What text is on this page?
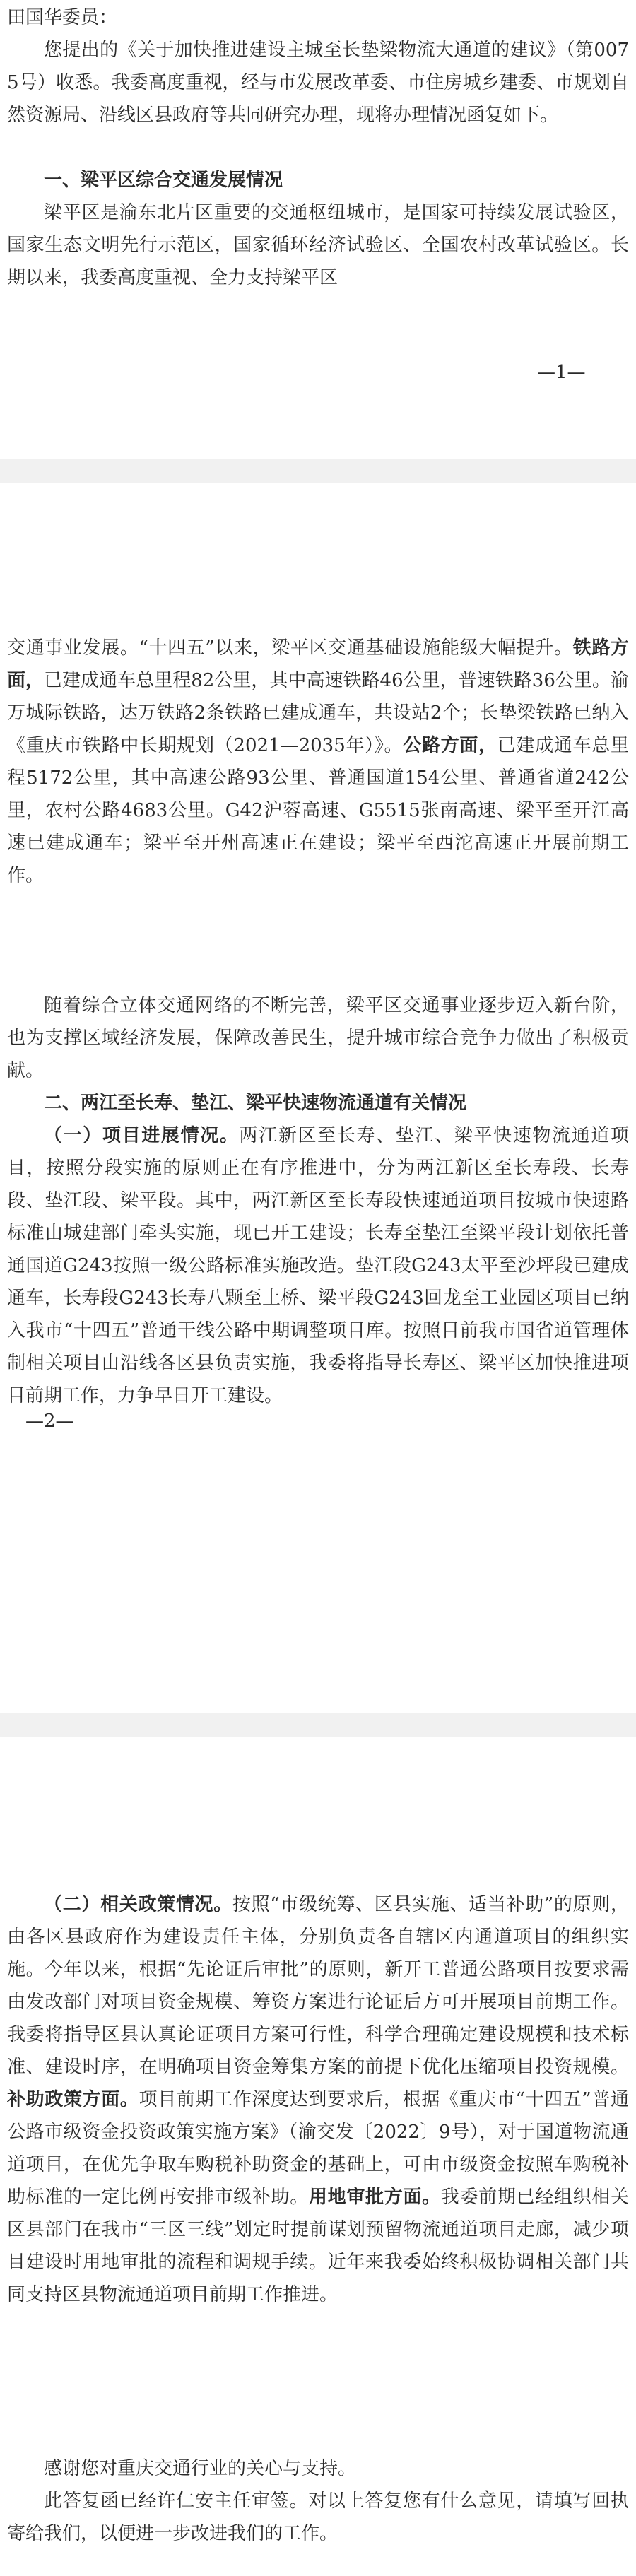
田国华委员：

您提出的《关于加快推进建设主城至长垫梁物流大通道的建议》（第0075号）收悉。我委高度重视，经与市发展改革委、市住房城乡建委、市规划自然资源局、沿线区县政府等共同研究办理，现将办理情况函复如下。

一、梁平区综合交通发展情况

梁平区是渝东北片区重要的交通枢纽城市，是国家可持续发展试验区，国家生态文明先行示范区，国家循环经济试验区、全国农村改革试验区。长期以来，我委高度重视、全力支持梁平区

—1—

交通事业发展。“十四五”以来，梁平区交通基础设施能级大幅提升。铁路方面，已建成通车总里程82公里，其中高速铁路46公里，普速铁路36公里。渝万城际铁路，达万铁路2条铁路已建成通车，共设站2个；长垫梁铁路已纳入《重庆市铁路中长期规划（2021—2035年）》。公路方面，已建成通车总里程5172公里，其中高速公路93公里、普通国道154公里、普通省道242公里，农村公路4683公里。G42沪蓉高速、G5515张南高速、梁平至开江高速已建成通车；梁平至开州高速正在建设；梁平至西沱高速正开展前期工作。

随着综合立体交通网络的不断完善，梁平区交通事业逐步迈入新台阶，也为支撑区域经济发展，保障改善民生，提升城市综合竞争力做出了积极贡献。

二、两江至长寿、垫江、梁平快速物流通道有关情况

（一）项目进展情况。两江新区至长寿、垫江、梁平快速物流通道项目，按照分段实施的原则正在有序推进中，分为两江新区至长寿段、长寿段、垫江段、梁平段。其中，两江新区至长寿段快速通道项目按城市快速路标准由城建部门牵头实施，现已开工建设；长寿至垫江至梁平段计划依托普通国道G243按照一级公路标准实施改造。垫江段G243太平至沙坪段已建成通车，长寿段G243长寿八颗至土桥、梁平段G243回龙至工业园区项目已纳入我市“十四五”普通干线公路中期调整项目库。按照目前我市国省道管理体制相关项目由沿线各区县负责实施，我委将指导长寿区、梁平区加快推进项目前期工作，力争早日开工建设。

—2—

（二）相关政策情况。按照“市级统筹、区县实施、适当补助”的原则，由各区县政府作为建设责任主体，分别负责各自辖区内通道项目的组织实施。今年以来，根据“先论证后审批”的原则，新开工普通公路项目按要求需由发改部门对项目资金规模、筹资方案进行论证后方可开展项目前期工作。我委将指导区县认真论证项目方案可行性，科学合理确定建设规模和技术标准、建设时序，在明确项目资金筹集方案的前提下优化压缩项目投资规模。补助政策方面。项目前期工作深度达到要求后，根据《重庆市“十四五”普通公路市级资金投资政策实施方案》（渝交发〔2022〕9号），对于国道物流通道项目，在优先争取车购税补助资金的基础上，可由市级资金按照车购税补助标准的一定比例再安排市级补助。用地审批方面。我委前期已经组织相关区县部门在我市“三区三线”划定时提前谋划预留物流通道项目走廊，减少项目建设时用地审批的流程和调规手续。近年来我委始终积极协调相关部门共同支持区县物流通道项目前期工作推进。

感谢您对重庆交通行业的关心与支持。

此答复函已经许仁安主任审签。对以上答复您有什么意见，请填写回执寄给我们，以便进一步改进我们的工作。
